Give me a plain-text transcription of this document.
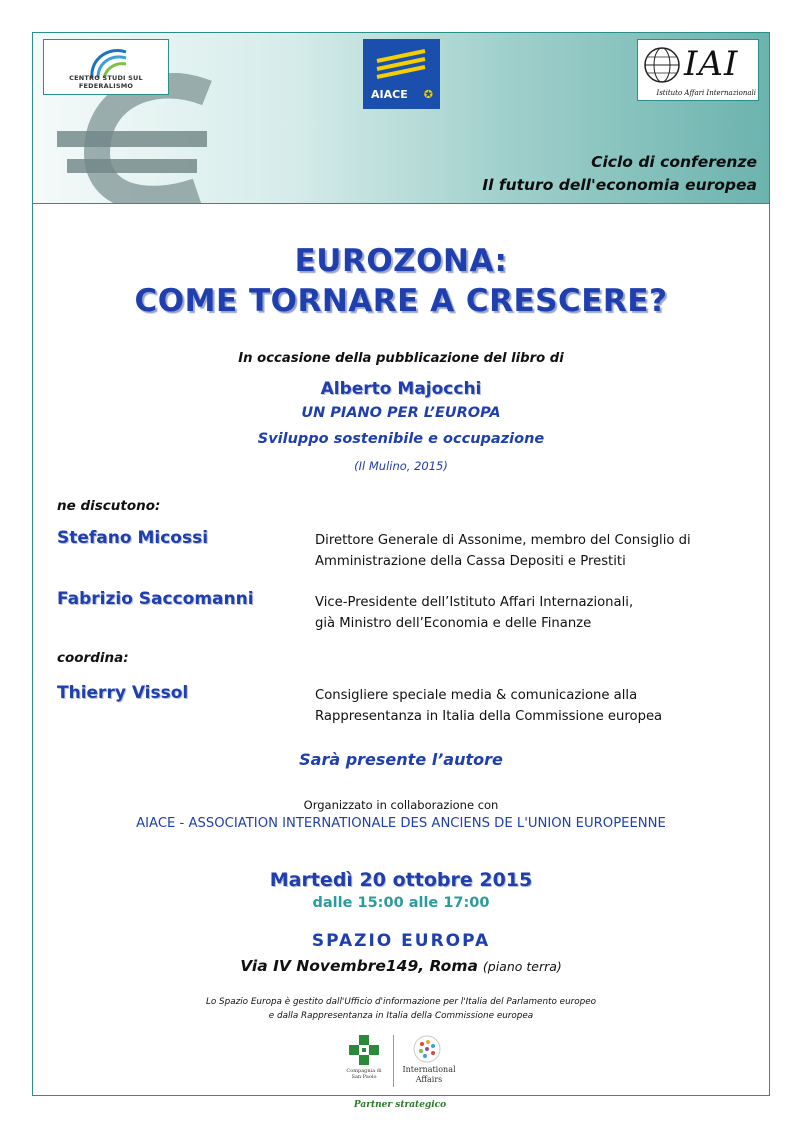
CENTRO STUDI SUL FEDERALISMO
AIACE ✪
IAI
Istituto Affari Internazionali
Ciclo di conferenze
Il futuro dell'economia europea
EUROZONA:
COME TORNARE A CRESCERE?
In occasione della pubblicazione del libro di
Alberto Majocchi
UN PIANO PER L’EUROPA
Sviluppo sostenibile e occupazione
(Il Mulino, 2015)
ne discutono:
Stefano Micossi	Direttore Generale di Assonime, membro del Consiglio di
Amministrazione della Cassa Depositi e Prestiti
Fabrizio Saccomanni	Vice-Presidente dell’Istituto Affari Internazionali,
già Ministro dell’Economia e delle Finanze
coordina:
Thierry Vissol	Consigliere speciale media & comunicazione alla
Rappresentanza in Italia della Commissione europea
Sarà presente l’autore
Organizzato in collaborazione con
AIACE - ASSOCIATION INTERNATIONALE DES ANCIENS DE L'UNION EUROPEENNE
Martedì 20 ottobre 2015
dalle 15:00 alle 17:00
SPAZIO EUROPA
Via IV Novembre149, Roma (piano terra)
Lo Spazio Europa è gestito dall'Ufficio d'informazione per l'Italia del Parlamento europeo
e dalla Rappresentanza in Italia della Commissione europea
Compagnia di San Paolo
International
Affairs
Partner strategico
